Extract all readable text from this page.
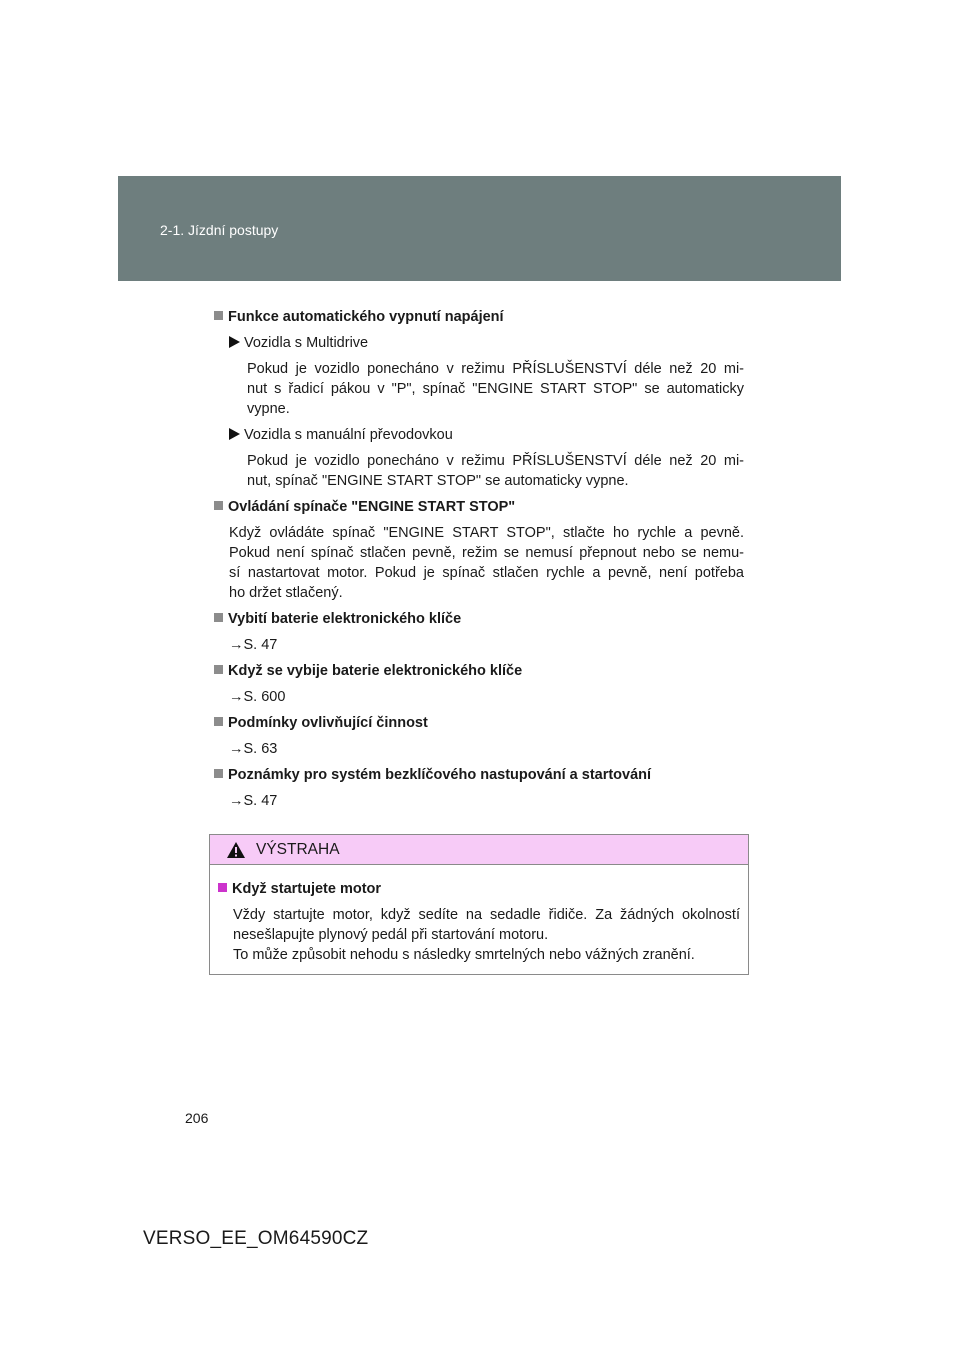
2-1. Jízdní postupy

Funkce automatického vypnutí napájení

Vozidla s Multidrive
Pokud je vozidlo ponecháno v režimu PŘÍSLUŠENSTVÍ déle než 20 mi-
nut s řadicí pákou v "P", spínač "ENGINE START STOP" se automaticky
vypne.
Vozidla s manuální převodovkou
Pokud je vozidlo ponecháno v režimu PŘÍSLUŠENSTVÍ déle než 20 mi-
nut, spínač "ENGINE START STOP" se automaticky vypne.

Ovládání spínače "ENGINE START STOP"

Když ovládáte spínač "ENGINE START STOP", stlačte ho rychle a pevně.
Pokud není spínač stlačen pevně, režim se nemusí přepnout nebo se nemu-
sí nastartovat motor. Pokud je spínač stlačen rychle a pevně, není potřeba
ho držet stlačený.

Vybití baterie elektronického klíče

→S. 47

Když se vybije baterie elektronického klíče

→S. 600

Podmínky ovlivňující činnost

→S. 63

Poznámky pro systém bezklíčového nastupování a startování

→S. 47
VÝSTRAHA

Když startujete motor

Vždy startujte motor, když sedíte na sedadle řidiče. Za žádných okolností
nesešlapujte plynový pedál při startování motoru.
To může způsobit nehodu s následky smrtelných nebo vážných zranění.
206
VERSO_EE_OM64590CZ
